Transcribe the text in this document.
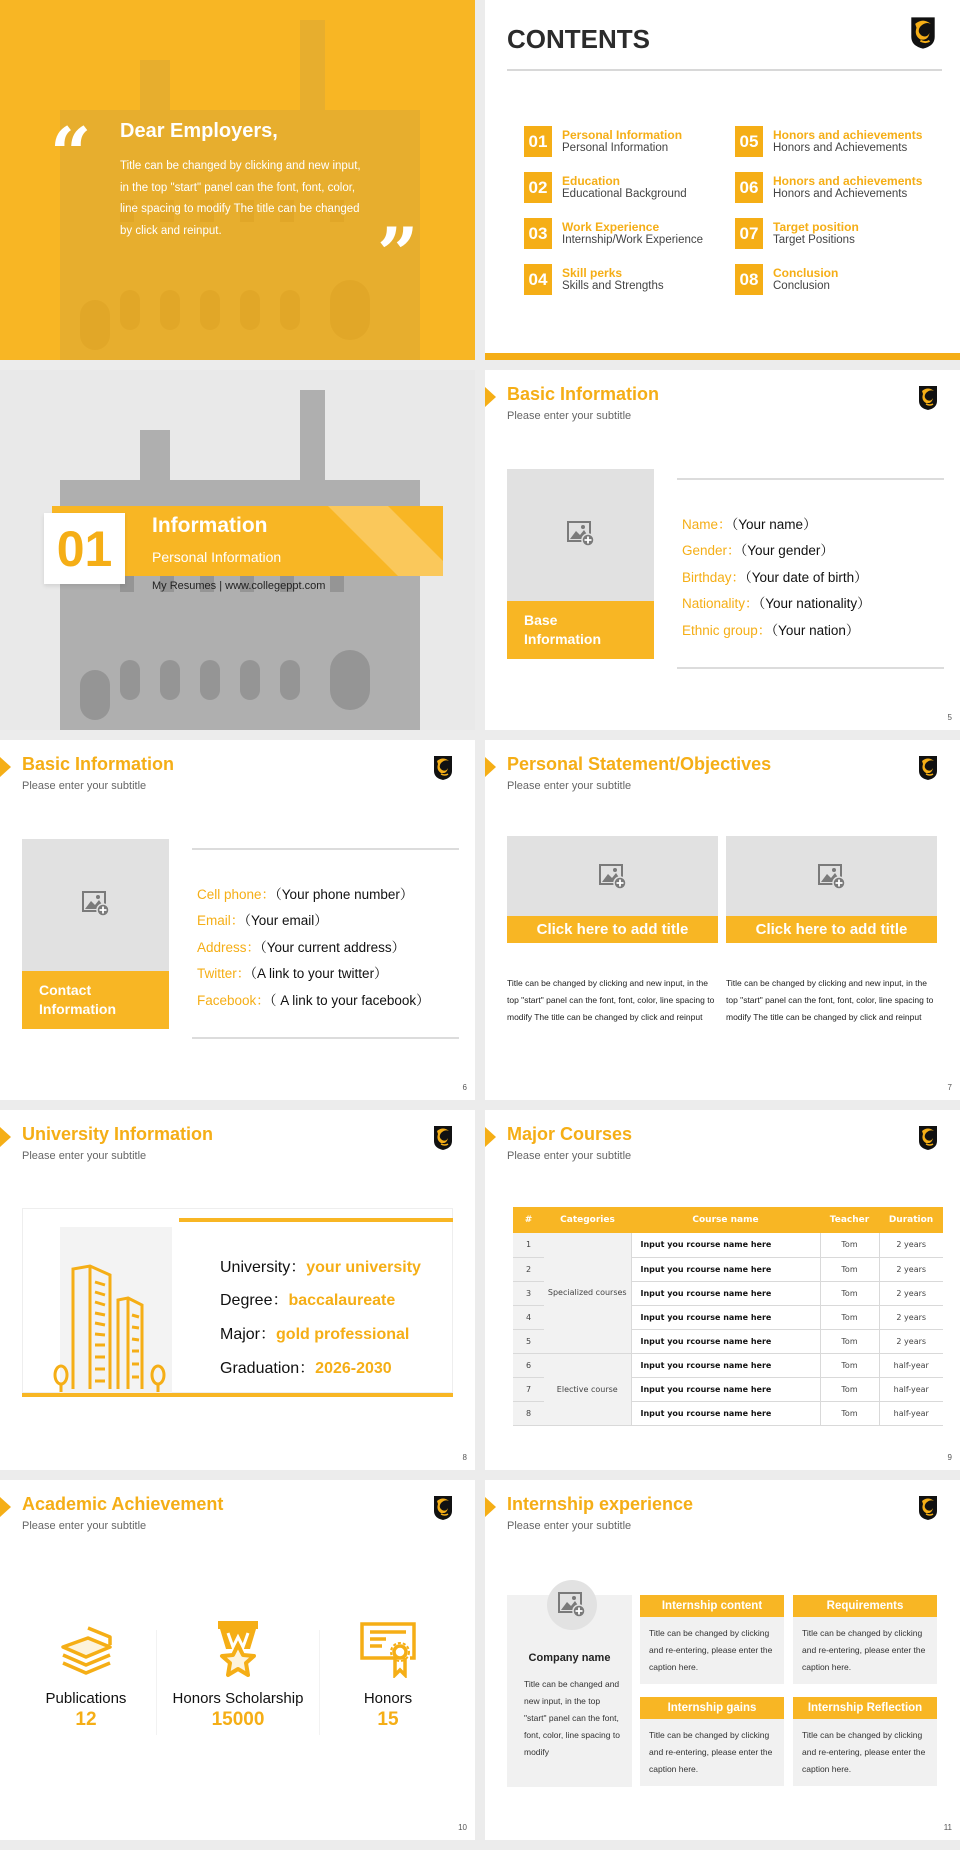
“ Dear Employers,
Title can be changed by clicking and new input, in the top "start" panel can the font, font, color, line spacing to modify The title can be changed by click and reinput.	”
CONTENTS
01	Personal Information
Personal Information
02	Education
Educational Background
03	Work Experience
Internship/Work Experience
04	Skill perks
Skills and Strengths
05	Honors and achievements
Honors and Achievements
06	Honors and achievements
Honors and Achievements
07	Target position
Target Positions
08	Conclusion
Conclusion
01	Information
Personal Information
My Resumes | www.collegeppt.com
Basic Information
Please enter your subtitle
Base Information
Name：（Your name）
Gender：（Your gender）
Birthday：（Your date of birth）
Nationality：（Your nationality）
Ethnic group：（Your nation）
5
Basic Information
Please enter your subtitle
Contact Information
Cell phone：（Your phone number）
Email：（Your email）
Address：（Your current address）
Twitter：（A link to your twitter）
Facebook：（ A link to your facebook）
6
Personal Statement/Objectives
Please enter your subtitle
Click here to add title
Title can be changed by clicking and new input, in the top "start" panel can the font, font, color, line spacing to modify The title can be changed by click and reinput
Click here to add title
Title can be changed by clicking and new input, in the top "start" panel can the font, font, color, line spacing to modify The title can be changed by click and reinput
7
University Information
Please enter your subtitle
University：your university
Degree：baccalaureate
Major：gold professional
Graduation：2026-2030
8
Major Courses
Please enter your subtitle
#	Categories	Course name	Teacher	Duration
1	Specialized courses	Input you rcourse name here	Tom	2 years
2		Input you rcourse name here	Tom	2 years
3		Input you rcourse name here	Tom	2 years
4		Input you rcourse name here	Tom	2 years
5		Input you rcourse name here	Tom	2 years
6	Elective course	Input you rcourse name here	Tom	half-year
7		Input you rcourse name here	Tom	half-year
8		Input you rcourse name here	Tom	half-year
9
Academic Achievement
Please enter your subtitle
Publications
12
Honors Scholarship
15000
Honors
15
10
Internship experience
Please enter your subtitle
Company name
Title can be changed and new input, in the top "start" panel can the font, font, color, line spacing to modify
Internship content
Title can be changed by clicking and re-entering, please enter the caption here.
Requirements
Title can be changed by clicking and re-entering, please enter the caption here.
Internship gains
Title can be changed by clicking and re-entering, please enter the caption here.
Internship Reflection
Title can be changed by clicking and re-entering, please enter the caption here.
11
